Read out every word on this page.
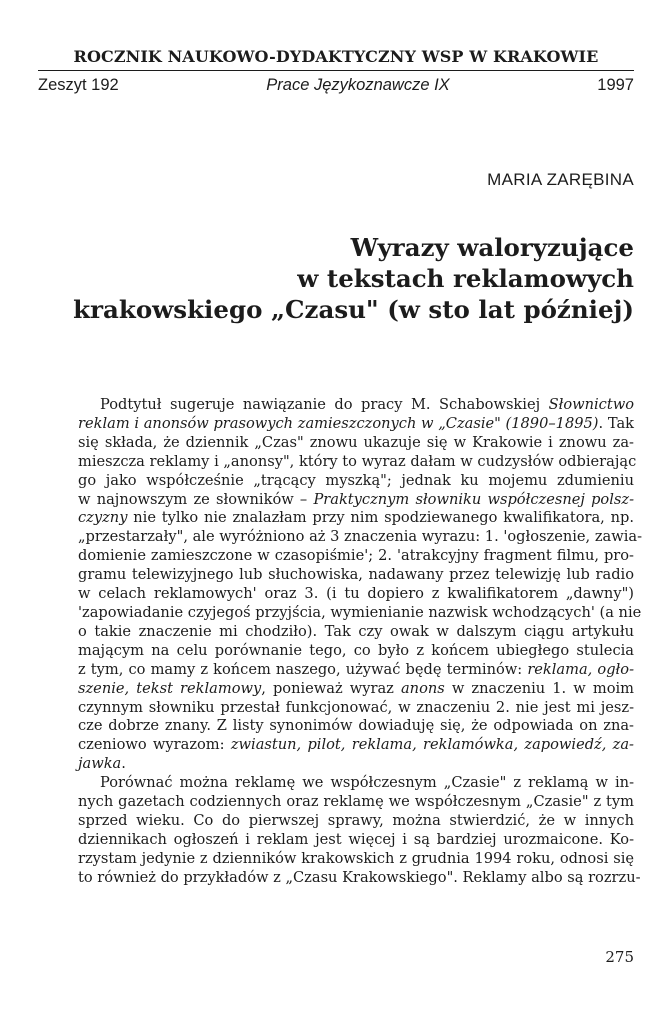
ROCZNIK NAUKOWO-DYDAKTYCZNY WSP W KRAKOWIE
Zeszyt 192	Prace Językoznawcze IX	1997
MARIA ZARĘBINA
Wyrazy waloryzujące
w tekstach reklamowych
krakowskiego „Czasu" (w sto lat później)
Podtytuł sugeruje nawiązanie do pracy M. Schabowskiej Słownictwo
reklam i anonsów prasowych zamieszczonych w „Czasie" (1890–1895). Tak
się składa, że dziennik „Czas" znowu ukazuje się w Krakowie i znowu za-
mieszcza reklamy i „anonsy", który to wyraz dałam w cudzysłów odbierając
go jako współcześnie „trącący myszką"; jednak ku mojemu zdumieniu
w najnowszym ze słowników – Praktycznym słowniku współczesnej polsz-
czyzny nie tylko nie znalazłam przy nim spodziewanego kwalifikatora, np.
„przestarzały", ale wyróżniono aż 3 znaczenia wyrazu: 1. 'ogłoszenie, zawia-
domienie zamieszczone w czasopiśmie'; 2. 'atrakcyjny fragment filmu, pro-
gramu telewizyjnego lub słuchowiska, nadawany przez telewizję lub radio
w celach reklamowych' oraz 3. (i tu dopiero z kwalifikatorem „dawny")
'zapowiadanie czyjegoś przyjścia, wymienianie nazwisk wchodzących' (a nie
o takie znaczenie mi chodziło). Tak czy owak w dalszym ciągu artykułu
mającym na celu porównanie tego, co było z końcem ubiegłego stulecia
z tym, co mamy z końcem naszego, używać będę terminów: reklama, ogło-
szenie, tekst reklamowy, ponieważ wyraz anons w znaczeniu 1. w moim
czynnym słowniku przestał funkcjonować, w znaczeniu 2. nie jest mi jesz-
cze dobrze znany. Z listy synonimów dowiaduję się, że odpowiada on zna-
czeniowo wyrazom: zwiastun, pilot, reklama, reklamówka, zapowiedź, za-
jawka.
Porównać można reklamę we współczesnym „Czasie" z reklamą w in-
nych gazetach codziennych oraz reklamę we współczesnym „Czasie" z tym
sprzed wieku. Co do pierwszej sprawy, można stwierdzić, że w innych
dziennikach ogłoszeń i reklam jest więcej i są bardziej urozmaicone. Ko-
rzystam jedynie z dzienników krakowskich z grudnia 1994 roku, odnosi się
to również do przykładów z „Czasu Krakowskiego". Reklamy albo są rozrzu-
275
